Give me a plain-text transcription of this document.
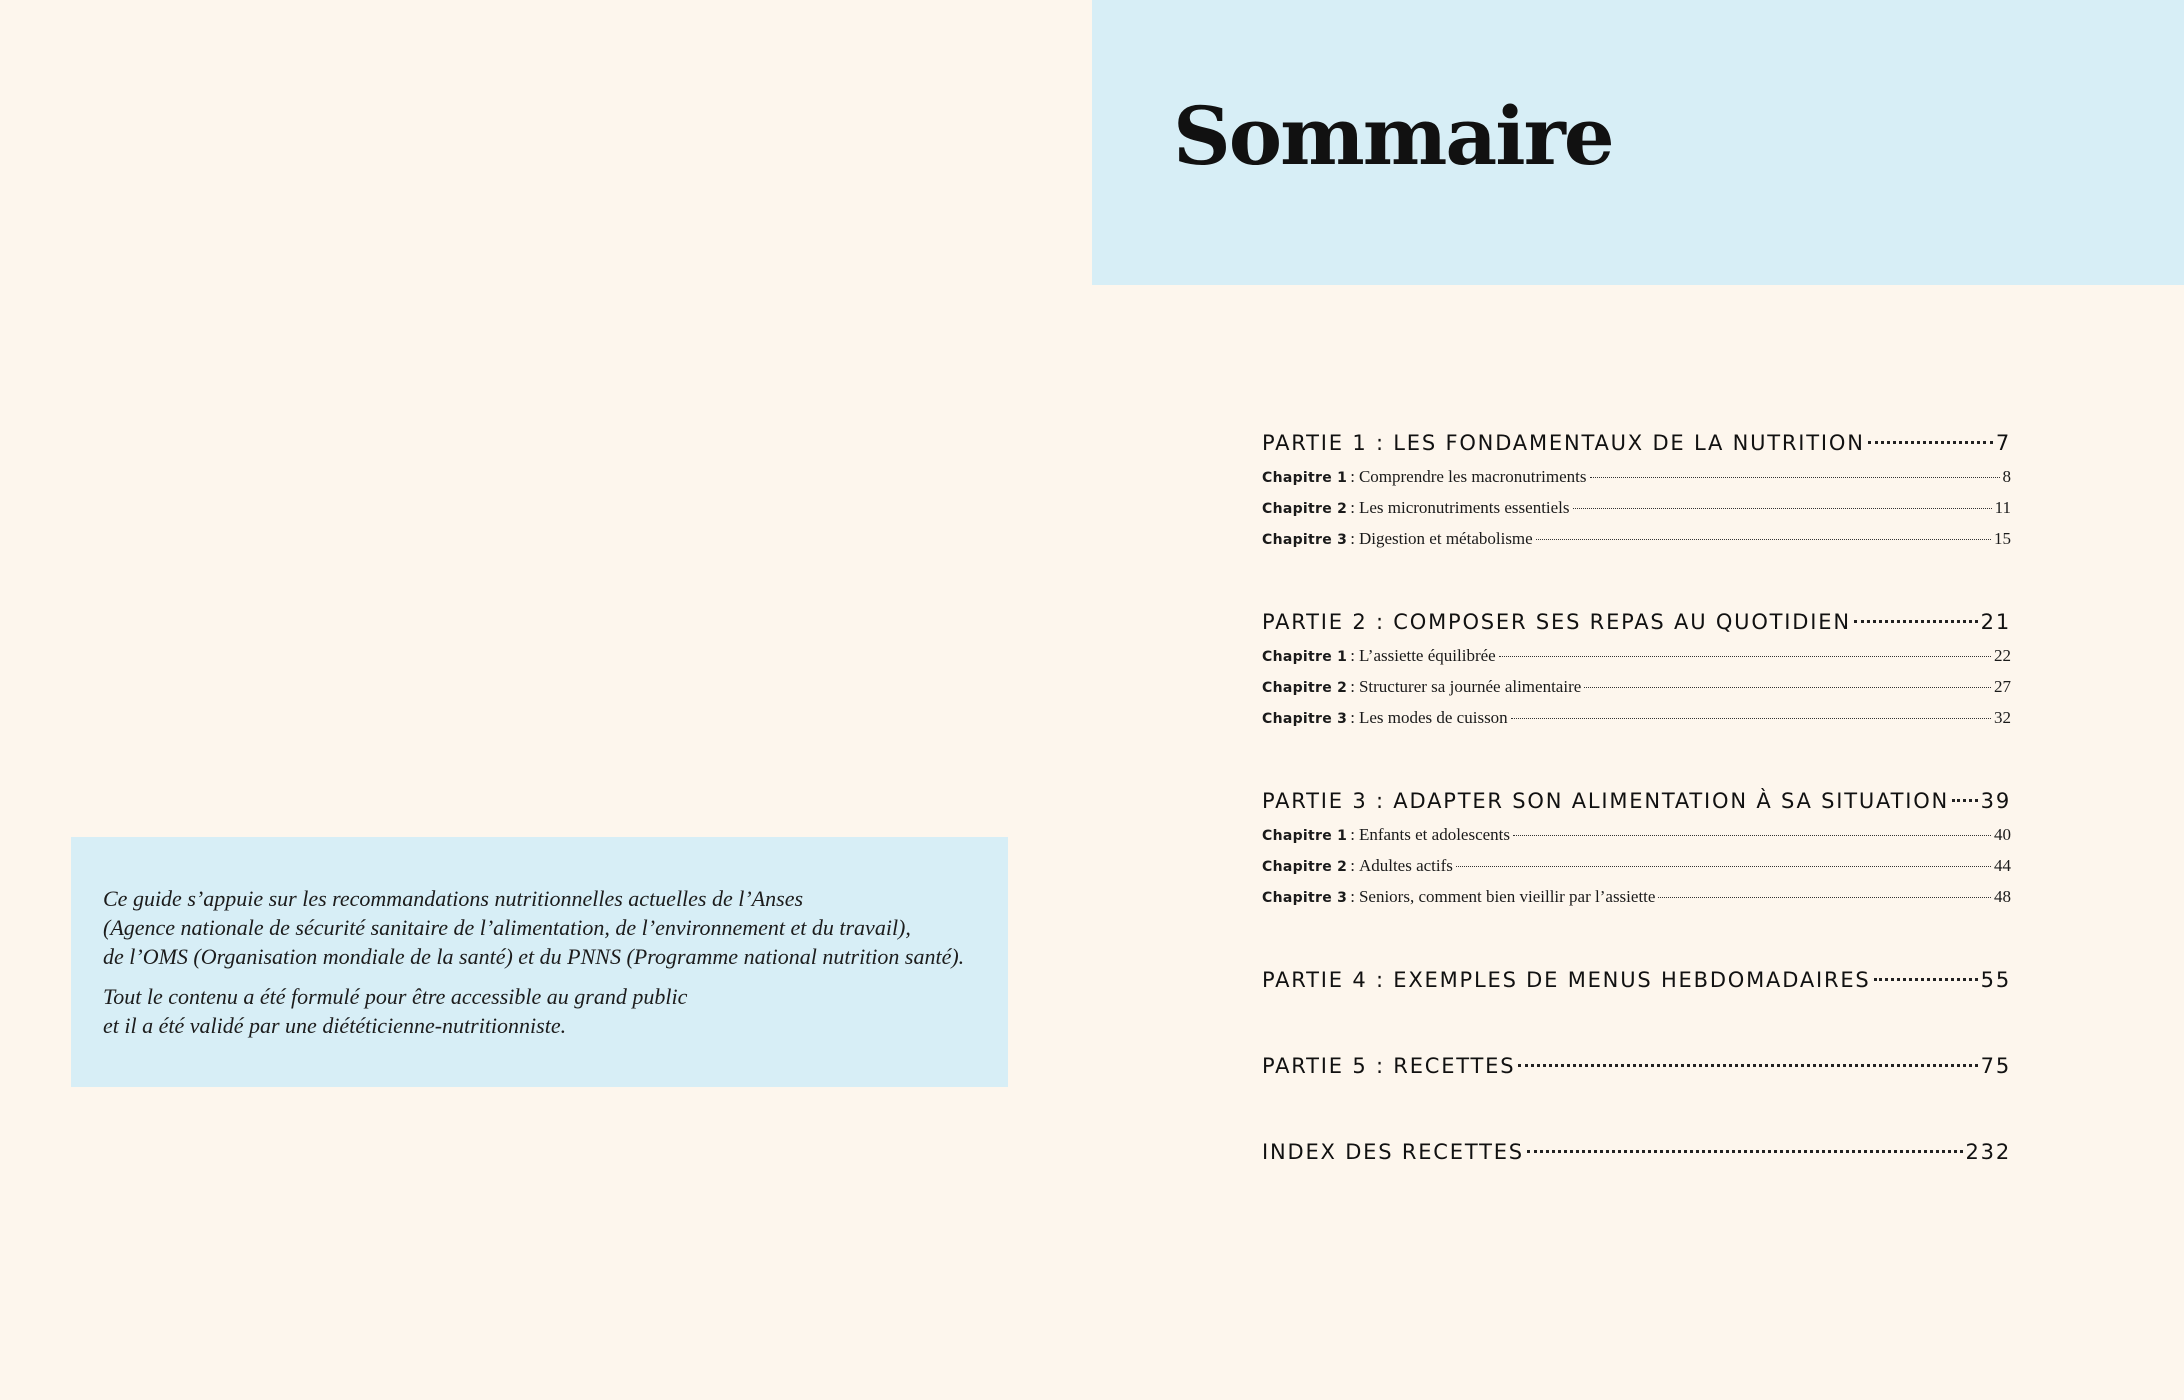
Sommaire

Ce guide s’appuie sur les recommandations nutritionnelles actuelles de l’Anses
(Agence nationale de sécurité sanitaire de l’alimentation, de l’environnement et du travail),
de l’OMS (Organisation mondiale de la santé) et du PNNS (Programme national nutrition santé).

Tout le contenu a été formulé pour être accessible au grand public
et il a été validé par une diététicienne-nutritionniste.

PARTIE 1 : LES FONDAMENTAUX DE LA NUTRITION	7
Chapitre 1 : Comprendre les macronutriments	8
Chapitre 2 : Les micronutriments essentiels	11
Chapitre 3 : Digestion et métabolisme	15
PARTIE 2 : COMPOSER SES REPAS AU QUOTIDIEN	21
Chapitre 1 : L’assiette équilibrée	22
Chapitre 2 : Structurer sa journée alimentaire	27
Chapitre 3 : Les modes de cuisson	32
PARTIE 3 : ADAPTER SON ALIMENTATION À SA SITUATION 39
Chapitre 1 : Enfants et adolescents	40
Chapitre 2 : Adultes actifs	44
Chapitre 3 : Seniors, comment bien vieillir par l’assiette	48
PARTIE 4 : EXEMPLES DE MENUS HEBDOMADAIRES	55
PARTIE 5 : RECETTES	75
INDEX DES RECETTES	232
